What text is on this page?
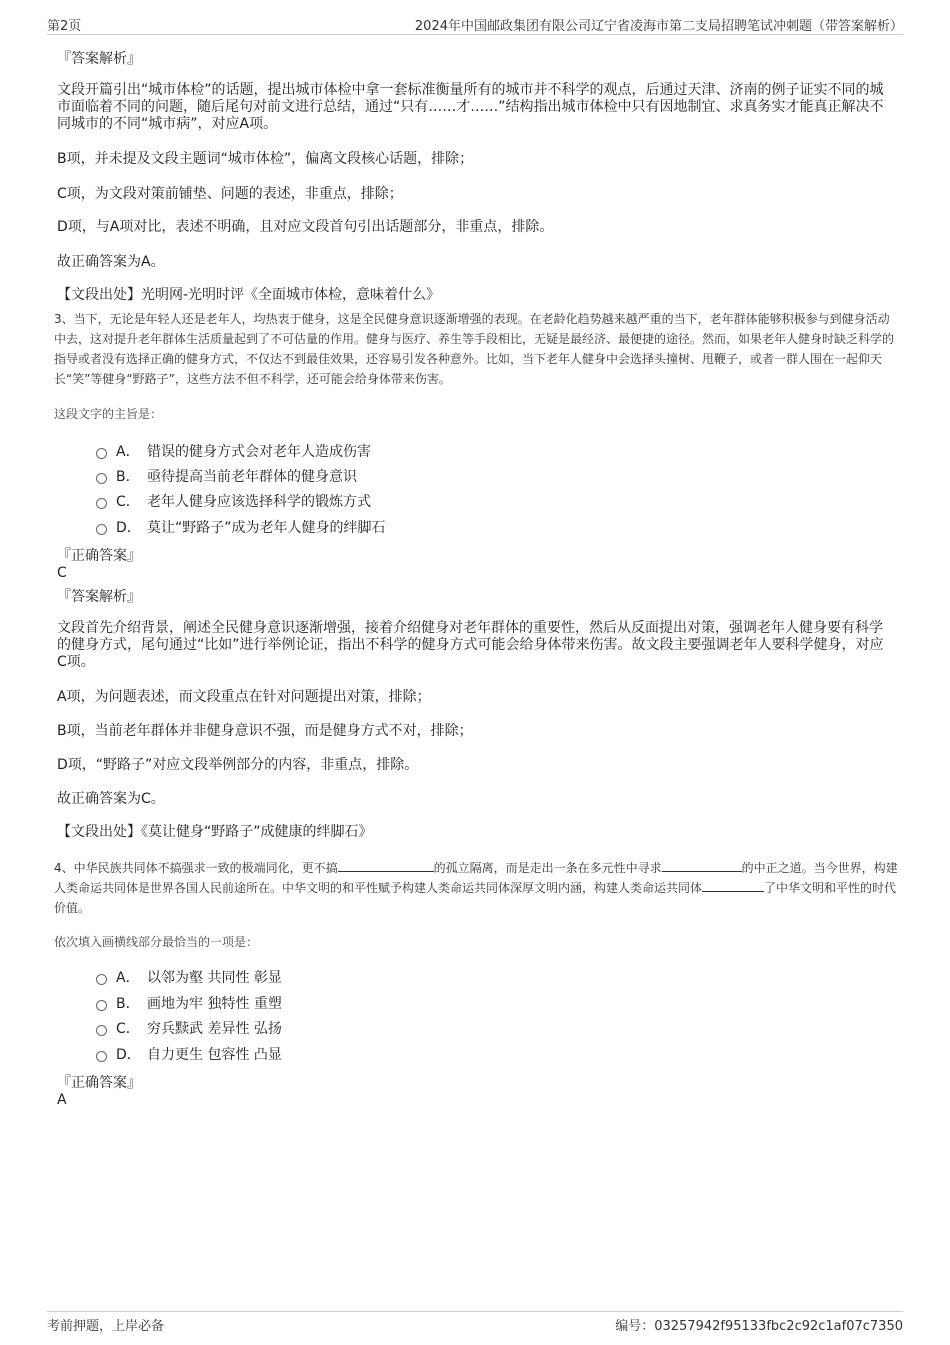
第2页	2024年中国邮政集团有限公司辽宁省凌海市第二支局招聘笔试冲刺题（带答案解析）
『答案解析』
文段开篇引出“城市体检”的话题，提出城市体检中拿一套标准衡量所有的城市并不科学的观点，后通过天津、济南的例子证实不同的城市面临着不同的问题，随后尾句对前文进行总结，通过“只有……才……”结构指出城市体检中只有因地制宜、求真务实才能真正解决不同城市的不同“城市病”，对应A项。
B项，并未提及文段主题词“城市体检”，偏离文段核心话题，排除；
C项，为文段对策前铺垫、问题的表述，非重点，排除；
D项，与A项对比，表述不明确，且对应文段首句引出话题部分，非重点，排除。
故正确答案为A。
【文段出处】光明网-光明时评《全面城市体检，意味着什么》
3、当下，无论是年轻人还是老年人，均热衷于健身，这是全民健身意识逐渐增强的表现。在老龄化趋势越来越严重的当下，老年群体能够积极参与到健身活动中去，这对提升老年群体生活质量起到了不可估量的作用。健身与医疗、养生等手段相比，无疑是最经济、最便捷的途径。然而，如果老年人健身时缺乏科学的指导或者没有选择正确的健身方式，不仅达不到最佳效果，还容易引发各种意外。比如，当下老年人健身中会选择头撞树、甩鞭子，或者一群人围在一起仰天长“笑”等健身“野路子”，这些方法不但不科学，还可能会给身体带来伤害。
这段文字的主旨是：
A． 错误的健身方式会对老年人造成伤害
B． 亟待提高当前老年群体的健身意识
C． 老年人健身应该选择科学的锻炼方式
D． 莫让“野路子”成为老年人健身的绊脚石
『正确答案』
C
『答案解析』
文段首先介绍背景，阐述全民健身意识逐渐增强，接着介绍健身对老年群体的重要性，然后从反面提出对策，强调老年人健身要有科学的健身方式，尾句通过“比如”进行举例论证，指出不科学的健身方式可能会给身体带来伤害。故文段主要强调老年人要科学健身，对应C项。
A项，为问题表述，而文段重点在针对问题提出对策，排除；
B项，当前老年群体并非健身意识不强，而是健身方式不对，排除；
D项，“野路子”对应文段举例部分的内容，非重点，排除。
故正确答案为C。
【文段出处】《莫让健身“野路子”成健康的绊脚石》
4、中华民族共同体不搞强求一致的极端同化，更不搞	的孤立隔离，而是走出一条在多元性中寻求	的中正之道。当今世界，构建人类命运共同体是世界各国人民前途所在。中华文明的和平性赋予构建人类命运共同体深厚文明内涵，构建人类命运共同体	了中华文明和平性的时代价值。
依次填入画横线部分最恰当的一项是：
A． 以邻为壑 共同性 彰显
B． 画地为牢 独特性 重塑
C． 穷兵黩武 差异性 弘扬
D． 自力更生 包容性 凸显
『正确答案』
A
考前押题，上岸必备	编号：03257942f95133fbc2c92c1af07c7350
